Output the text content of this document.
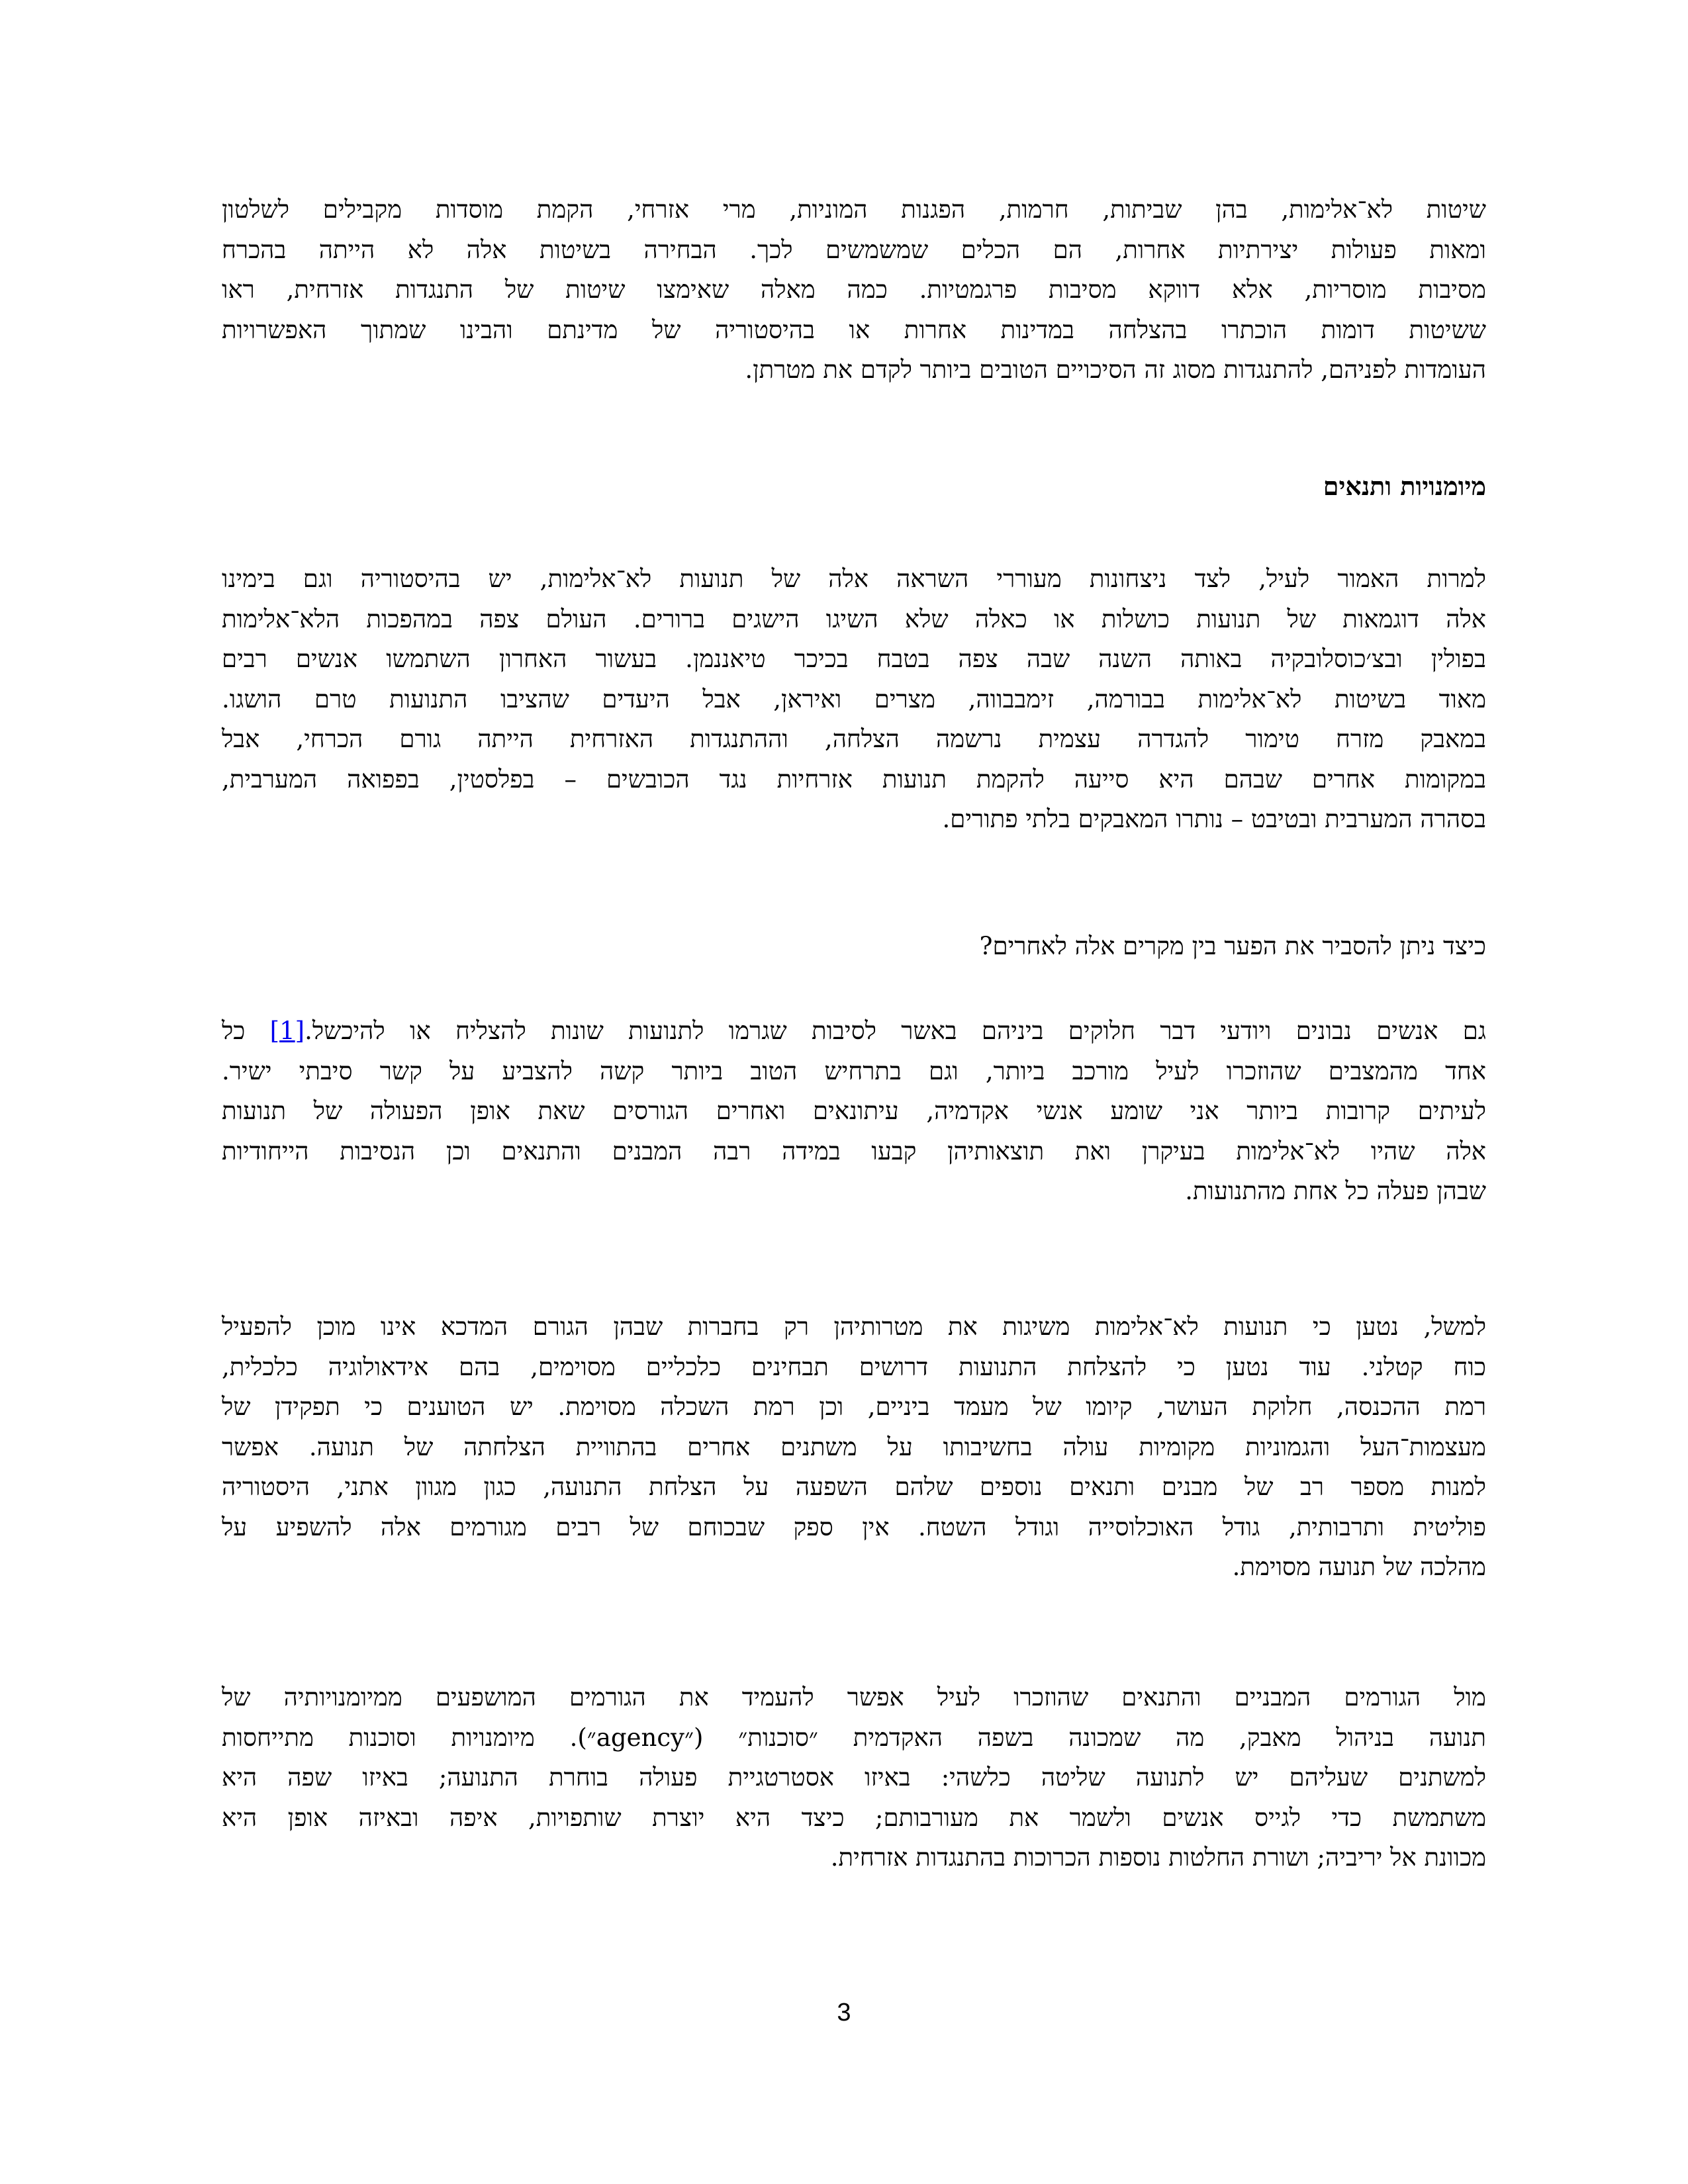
שיטות לא־אלימות, בהן שביתות, חרמות, הפגנות המוניות, מרי אזרחי, הקמת מוסדות מקבילים לשלטון
ומאות פעולות יצירתיות אחרות, הם הכלים שמשמשים לכך. הבחירה בשיטות אלה לא הייתה בהכרח
מסיבות מוסריות, אלא דווקא מסיבות פרגמטיות. כמה מאלה שאימצו שיטות של התנגדות אזרחית, ראו
ששיטות דומות הוכתרו בהצלחה במדינות אחרות או בהיסטוריה של מדינתם והבינו שמתוך האפשרויות
העומדות לפניהם, להתנגדות מסוג זה הסיכויים הטובים ביותר לקדם את מטרתן.
מיומנויות ותנאים
למרות האמור לעיל, לצד ניצחונות מעוררי השראה אלה של תנועות לא־אלימות, יש בהיסטוריה וגם בימינו
אלה דוגמאות של תנועות כושלות או כאלה שלא השיגו הישגים ברורים. העולם צפה במהפכות הלא־אלימות
בפולין ובצ׳כוסלובקיה באותה השנה שבה צפה בטבח בכיכר טיאננמן. בעשור האחרון השתמשו אנשים רבים
מאוד בשיטות לא־אלימות בבורמה, זימבבווה, מצרים ואיראן, אבל היעדים שהציבו התנועות טרם הושגו.
במאבק מזרח טימור להגדרה עצמית נרשמה הצלחה, וההתנגדות האזרחית הייתה גורם הכרחי, אבל
במקומות אחרים שבהם היא סייעה להקמת תנועות אזרחיות נגד הכובשים – בפלסטין, בפפואה המערבית,
בסהרה המערבית ובטיבט – נותרו המאבקים בלתי פתורים.
כיצד ניתן להסביר את הפער בין מקרים אלה לאחרים?
גם אנשים נבונים ויודעי דבר חלוקים ביניהם באשר לסיבות שגרמו לתנועות שונות להצליח או להיכשל.[1] כל
אחד מהמצבים שהוזכרו לעיל מורכב ביותר, וגם בתרחיש הטוב ביותר קשה להצביע על קשר סיבתי ישיר.
לעיתים קרובות ביותר אני שומע אנשי אקדמיה, עיתונאים ואחרים הגורסים שאת אופן הפעולה של תנועות
אלה שהיו לא־אלימות בעיקרן ואת תוצאותיהן קבעו במידה רבה המבנים והתנאים וכן הנסיבות הייחודיות
שבהן פעלה כל אחת מהתנועות.
למשל, נטען כי תנועות לא־אלימות משיגות את מטרותיהן רק בחברות שבהן הגורם המדכא אינו מוכן להפעיל
כוח קטלני. עוד נטען כי להצלחת התנועות דרושים תבחינים כלכליים מסוימים, בהם אידאולוגיה כלכלית,
רמת ההכנסה, חלוקת העושר, קיומו של מעמד ביניים, וכן רמת השכלה מסוימת. יש הטוענים כי תפקידן של
מעצמות־העל והגמוניות מקומיות עולה בחשיבותו על משתנים אחרים בהתוויית הצלחתה של תנועה. אפשר
למנות מספר רב של מבנים ותנאים נוספים שלהם השפעה על הצלחת התנועה, כגון מגוון אתני, היסטוריה
פוליטית ותרבותית, גודל האוכלוסייה וגודל השטח. אין ספק שבכוחם של רבים מגורמים אלה להשפיע על
מהלכה של תנועה מסוימת.
מול הגורמים המבניים והתנאים שהוזכרו לעיל אפשר להעמיד את הגורמים המושפעים ממיומנויותיה של
תנועה בניהול מאבק, מה שמכונה בשפה האקדמית ״סוכנות״ (״agency״). מיומנויות וסוכנות מתייחסות
למשתנים שעליהם יש לתנועה שליטה כלשהי: באיזו אסטרטגיית פעולה בוחרת התנועה; באיזו שפה היא
משתמשת כדי לגייס אנשים ולשמר את מעורבותם; כיצד היא יוצרת שותפויות, איפה ובאיזה אופן היא
מכוונת אל יריביה; ושורת החלטות נוספות הכרוכות בהתנגדות אזרחית.
3
